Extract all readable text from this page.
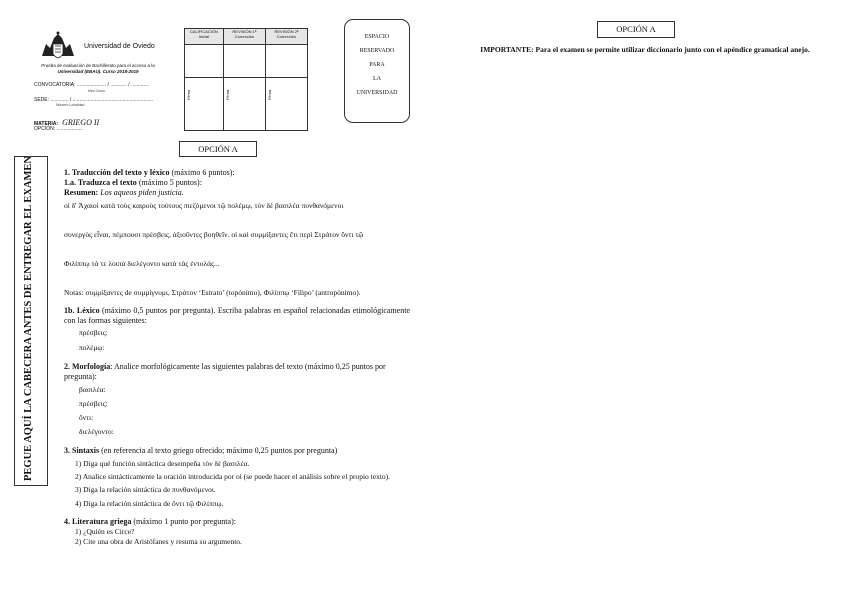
Universidad de Oviedo
Prueba de evaluación de Bachillerato para el acceso a la
Universidad (EBAU). Curso 2018-2019
CONVOCATORIA: ..................... / ............ / .............
Mes Curso
SEDE: ............. / ..........................................................
Número Localidad
MATERIA: GRIEGO II
OPCIÓN: ...................
CALIFICACIÓN Inicial	REVISIÓN 1ª Corrección	REVISIÓN 2ª Corrección

Firma	Firma	Firma
ESPACIO
RESERVADO
PARA
LA
UNIVERSIDAD
OPCIÓN A
OPCIÓN A
IMPORTANTE: Para el examen se permite utilizar diccionario junto con el apéndice gramatical anejo.
PEGUE AQUÍ LA CABECERA ANTES DE ENTREGAR EL EXAMEN	1. Traducción del texto y léxico (máximo 6 puntos):

1.a. Traduzca el texto (máximo 5 puntos):

Resumen: Los aqueos piden justicia.

οἱ δ' Ἀχαιοὶ κατὰ τοὺς καιροὺς τούτους πιεζόμενοι τῷ πολέμῳ, τὸν δὲ βασιλέα πυνθανόμενοι

συνεργὸς εἶναι, πέμπουσι πρέσβεις, ἀξιοῦντες βοηθεῖν. οἱ καὶ συμμίξαντες ἔτι περὶ Στράτον ὄντι τῷ

Φιλίππῳ τά τε λοιπὰ διελέγοντο κατὰ τὰς ἐντολάς...

Notas: συμμίξαντες de συμμίγνυμι, Στράτον ‘Estrato’ (topónimo), Φιλίππῳ ‘Filipo’ (antropónimo).

1b. Léxico (máximo 0,5 puntos por pregunta). Escriba palabras en español relacionadas etimológicamente con las formas siguientes:

πρέσβεις:

πολέμῳ:

2. Morfología: Analice morfológicamente las siguientes palabras del texto (máximo 0,25 puntos por pregunta):

βασιλέα:

πρέσβεις:

ὄντι:

διελέγοντο:

3. Sintaxis (en referencia al texto griego ofrecido; máximo 0,25 puntos por pregunta)

1) Diga qué función sintáctica desempeña τὸν δὲ βασιλέα.

2) Analice sintácticamente la oración introducida por οἱ (se puede hacer el análisis sobre el propio texto).

3) Diga la relación sintáctica de πυνθανόμενοι.

4) Diga la relación sintáctica de ὄντι τῷ Φιλίππῳ.

4. Literatura griega (máximo 1 punto por pregunta):

1) ¿Quién es Circe?

2) Cite una obra de Aristófanes y resuma su argumento.
